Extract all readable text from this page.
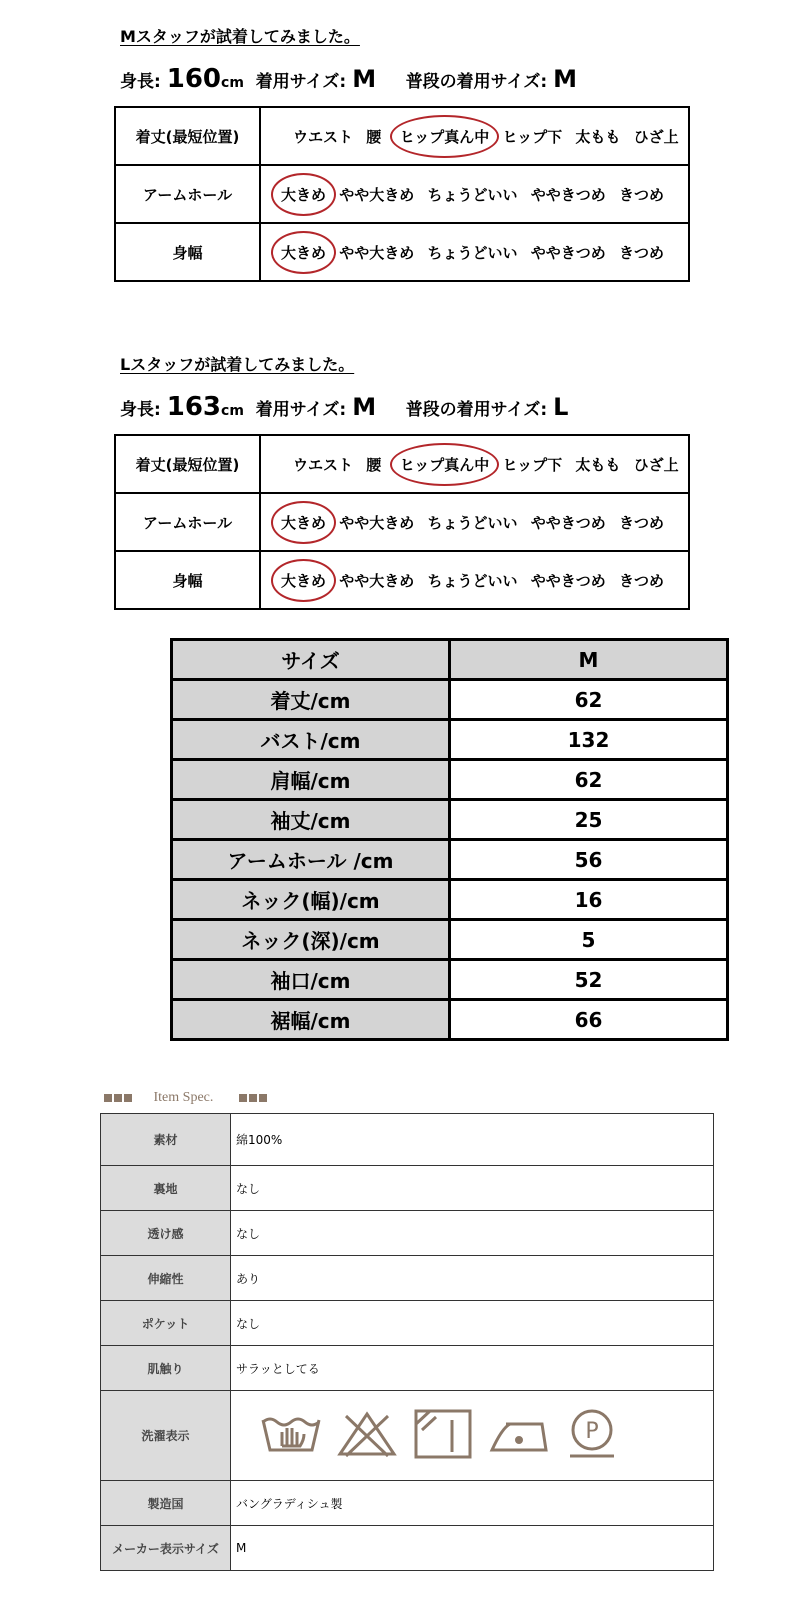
Mスタッフが試着してみました。
身長: 160cm 着用サイズ: M 普段の着用サイズ: M
着丈(最短位置)	ウエスト 腰 ヒップ真ん中 ヒップ下 太もも ひざ上

アームホール	大きめ やや大きめ ちょうどいい ややきつめ きつめ

身幅	大きめ やや大きめ ちょうどいい ややきつめ きつめ
Lスタッフが試着してみました。
身長: 163cm 着用サイズ: M 普段の着用サイズ: L
着丈(最短位置)	ウエスト 腰 ヒップ真ん中 ヒップ下 太もも ひざ上

アームホール	大きめ やや大きめ ちょうどいい ややきつめ きつめ

身幅	大きめ やや大きめ ちょうどいい ややきつめ きつめ
サイズ	M
着丈/cm	62
バスト/cm	132
肩幅/cm	62
袖丈/cm	25
アームホール /cm	56
ネック(幅)/cm	16
ネック(深)/cm	5
袖口/cm	52
裾幅/cm	66
Item Spec.
素材	綿100%
裏地	なし
透け感	なし
伸縮性	あり
ポケット	なし
肌触り	サラッとしてる
洗濯表示	P

製造国	バングラディシュ製
メーカー表示サイズ	M
